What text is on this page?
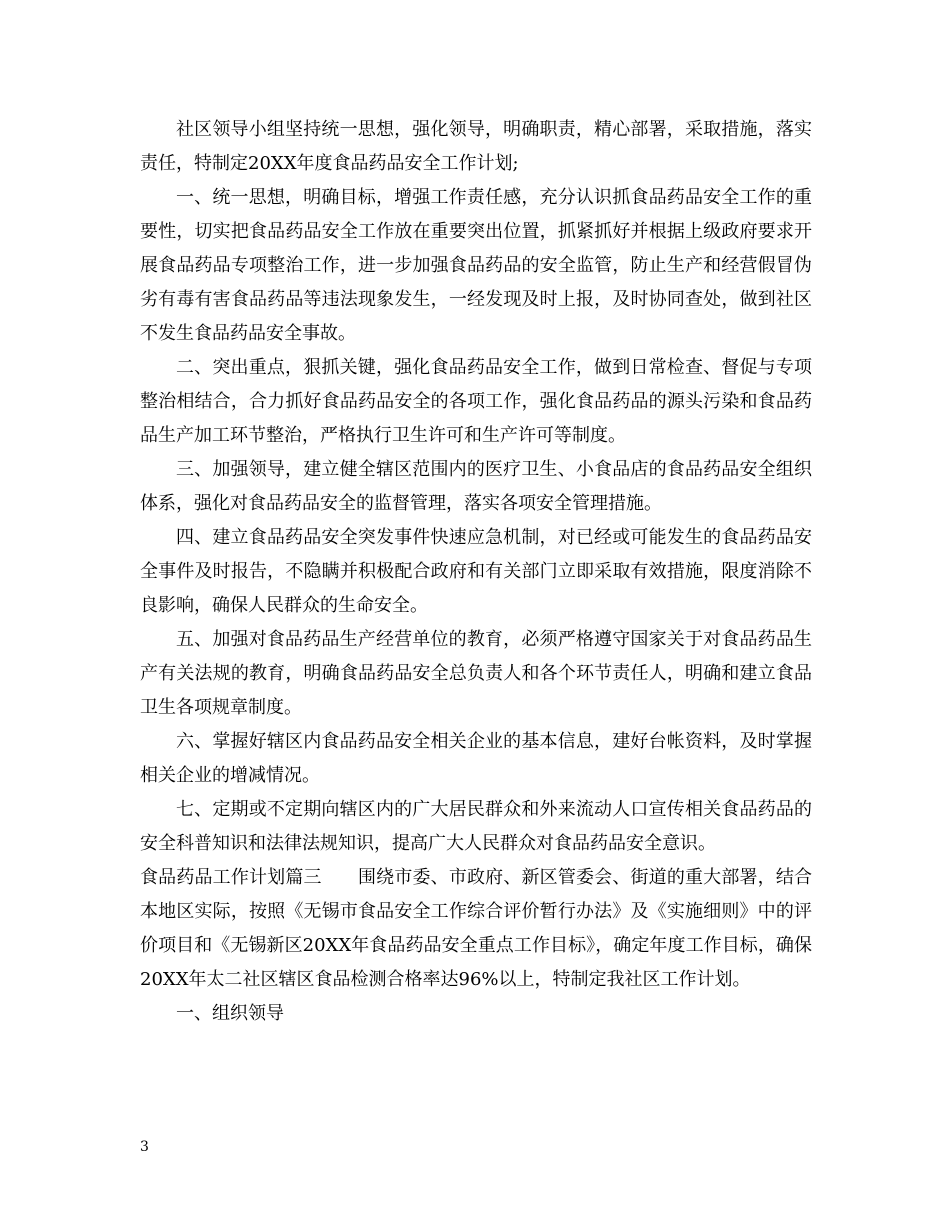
社区领导小组坚持统一思想，强化领导，明确职责，精心部署，采取措施，落实责任，特制定20XX年度食品药品安全工作计划;

一、统一思想，明确目标，增强工作责任感，充分认识抓食品药品安全工作的重要性，切实把食品药品安全工作放在重要突出位置，抓紧抓好并根据上级政府要求开展食品药品专项整治工作，进一步加强食品药品的安全监管，防止生产和经营假冒伪劣有毒有害食品药品等违法现象发生，一经发现及时上报，及时协同查处，做到社区不发生食品药品安全事故。

二、突出重点，狠抓关键，强化食品药品安全工作，做到日常检查、督促与专项整治相结合，合力抓好食品药品安全的各项工作，强化食品药品的源头污染和食品药品生产加工环节整治，严格执行卫生许可和生产许可等制度。

三、加强领导，建立健全辖区范围内的医疗卫生、小食品店的食品药品安全组织体系，强化对食品药品安全的监督管理，落实各项安全管理措施。

四、建立食品药品安全突发事件快速应急机制，对已经或可能发生的食品药品安全事件及时报告，不隐瞒并积极配合政府和有关部门立即采取有效措施，限度消除不良影响，确保人民群众的生命安全。

五、加强对食品药品生产经营单位的教育，必须严格遵守国家关于对食品药品生产有关法规的教育，明确食品药品安全总负责人和各个环节责任人，明确和建立食品卫生各项规章制度。

六、掌握好辖区内食品药品安全相关企业的基本信息，建好台帐资料，及时掌握相关企业的增减情况。

七、定期或不定期向辖区内的广大居民群众和外来流动人口宣传相关食品药品的安全科普知识和法律法规知识，提高广大人民群众对食品药品安全意识。

食品药品工作计划篇三　　围绕市委、市政府、新区管委会、街道的重大部署，结合本地区实际，按照《无锡市食品安全工作综合评价暂行办法》及《实施细则》中的评价项目和《无锡新区20XX年食品药品安全重点工作目标》，确定年度工作目标，确保20XX年太二社区辖区食品检测合格率达96%以上，特制定我社区工作计划。

一、组织领导

3
